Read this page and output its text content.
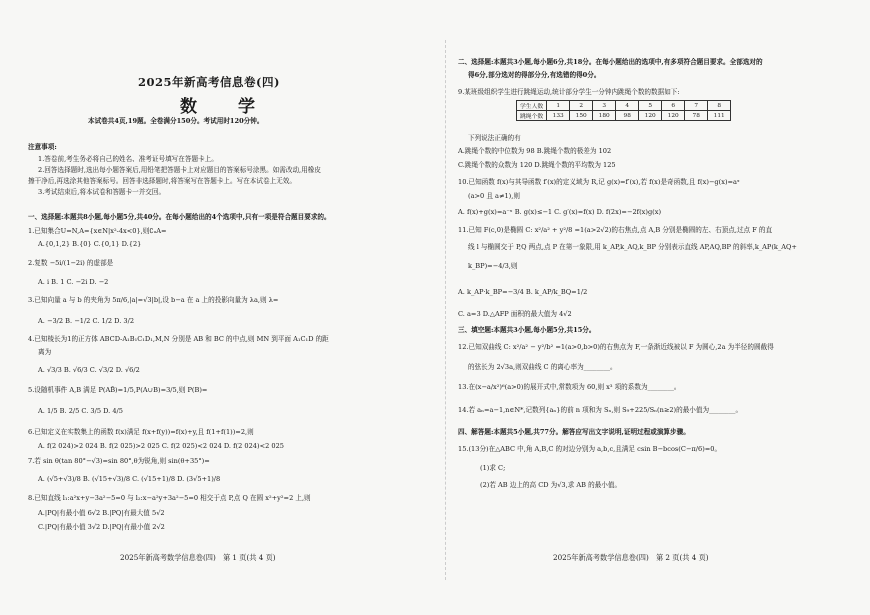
2025年新高考信息卷(四)
数　学
本试卷共4页,19题。全卷满分150分。考试用时120分钟。
注意事项:
1.答卷前,考生务必将自己的姓名、准考证号填写在答题卡上。
2.回答选择题时,选出每小题答案后,用铅笔把答题卡上对应题目的答案标号涂黑。如需改动,用橡皮
擦干净后,再选涂其他答案标号。回答非选择题时,将答案写在答题卡上。写在本试卷上无效。
3.考试结束后,将本试卷和答题卡一并交回。
一、选择题:本题共8小题,每小题5分,共40分。在每小题给出的4个选项中,只有一项是符合题目要求的。
1.已知集合U=N,A={x∈N|x²-4x<0},则∁ᵤA=
A.{0,1,2} B.{0} C.{0,1} D.{2}
2.复数 −5i/(1−2i) 的虚部是
A. i B. 1 C. −2i D. −2
3.已知向量 a 与 b 的夹角为 5π/6,|a|=√3|b|,设 b−a 在 a 上的投影向量为 λa,则 λ=
A. −3/2 B. −1/2 C. 1/2 D. 3/2
4.已知棱长为1的正方体 ABCD-A₁B₁C₁D₁,M,N 分别是 AB 和 BC 的中点,则 MN 到平面 A₁C₁D 的距
离为
A. √3/3 B. √6/3 C. √3/2 D. √6/2
5.设随机事件 A,B 满足 P(AB̄)=1/5,P(A∪B)=3/5,则 P(B)=
A. 1/5 B. 2/5 C. 3/5 D. 4/5
6.已知定义在实数集上的函数 f(x)满足 f(x+f(y))=f(x)+y,且 f(1+f(1))=2,则
A. f(2 024)>2 024 B. f(2 025)>2 025 C. f(2 025)<2 024 D. f(2 024)<2 025
7.若 sin θ(tan 80°−√3)=sin 80°,θ为锐角,则 sin(θ+35°)=
A. (√5+√3)/8 B. (√15+√3)/8 C. (√15+1)/8 D. (3√5+1)/8
8.已知直线 l₁:a²x+y−3a²−5=0 与 l₂:x−a²y+3a²−5=0 相交于点 P,点 Q 在圆 x²+y²=2 上,则
A.|PQ|有最小值 6√2 B.|PQ|有最大值 5√2
C.|PQ|有最小值 3√2 D.|PQ|有最小值 2√2
2025年新高考数学信息卷(四)　第 1 页(共 4 页)
二、选择题:本题共3小题,每小题6分,共18分。在每小题给出的选项中,有多项符合题目要求。全部选对的
得6分,部分选对的得部分分,有选错的得0分。
9.某班级组织学生进行跳绳运动,统计部分学生一分钟内跳绳个数的数据如下:
学生人数	1	2	3	4	5	6	7	8
跳绳个数	133	150	180	98	120	120	78	111
下列说法正确的有
A.跳绳个数的中位数为 98 B.跳绳个数的极差为 102
C.跳绳个数的众数为 120 D.跳绳个数的平均数为 125
10.已知函数 f(x)与其导函数 f′(x)的定义域为 R,记 g(x)=f′(x),若 f(x)是奇函数,且 f(x)−g(x)=aˣ
(a>0 且 a≠1),则
A. f(x)+g(x)=a⁻ˣ B. g(x)≤−1 C. g′(x)=f(x) D. f(2x)=−2f(x)g(x)
11.已知 F(c,0)是椭圆 C: x²/a² + y²/8 =1(a>2√2)的右焦点,点 A,B 分别是椭圆的左、右顶点,过点 F 的直
线 l 与椭圆交于 P,Q 两点,点 P 在第一象限,用 k_AP,k_AQ,k_BP 分别表示直线 AP,AQ,BP 的斜率,k_AP(k_AQ+
k_BP)=−4/3,则
A. k_AP·k_BP=−3/4 B. k_AP/k_BQ=1/2
C. a=3 D.△AFP 面积的最大值为 4√2
三、填空题:本题共3小题,每小题5分,共15分。
12.已知双曲线 C: x²/a² − y²/b² =1(a>0,b>0)的右焦点为 F,一条渐近线被以 F 为圆心,2a 为半径的圆截得
的弦长为 2√3a,则双曲线 C 的离心率为________。
13.在(x−a/x²)⁶(a>0)的展开式中,常数项为 60,则 x³ 项的系数为________。
14.若 aₙ=a−1,n∈N*,记数列{aₙ}的前 n 项和为 Sₙ,则 S₉+225/Sₙ(n≥2)的最小值为________。
四、解答题:本题共5小题,共77分。解答应写出文字说明,证明过程或演算步骤。
15.(13分)在△ABC 中,角 A,B,C 的对边分别为 a,b,c,且满足 csin B−bcos(C−π/6)=0。
(1)求 C;
(2)若 AB 边上的高 CD 为√3,求 AB 的最小值。
2025年新高考数学信息卷(四)　第 2 页(共 4 页)
